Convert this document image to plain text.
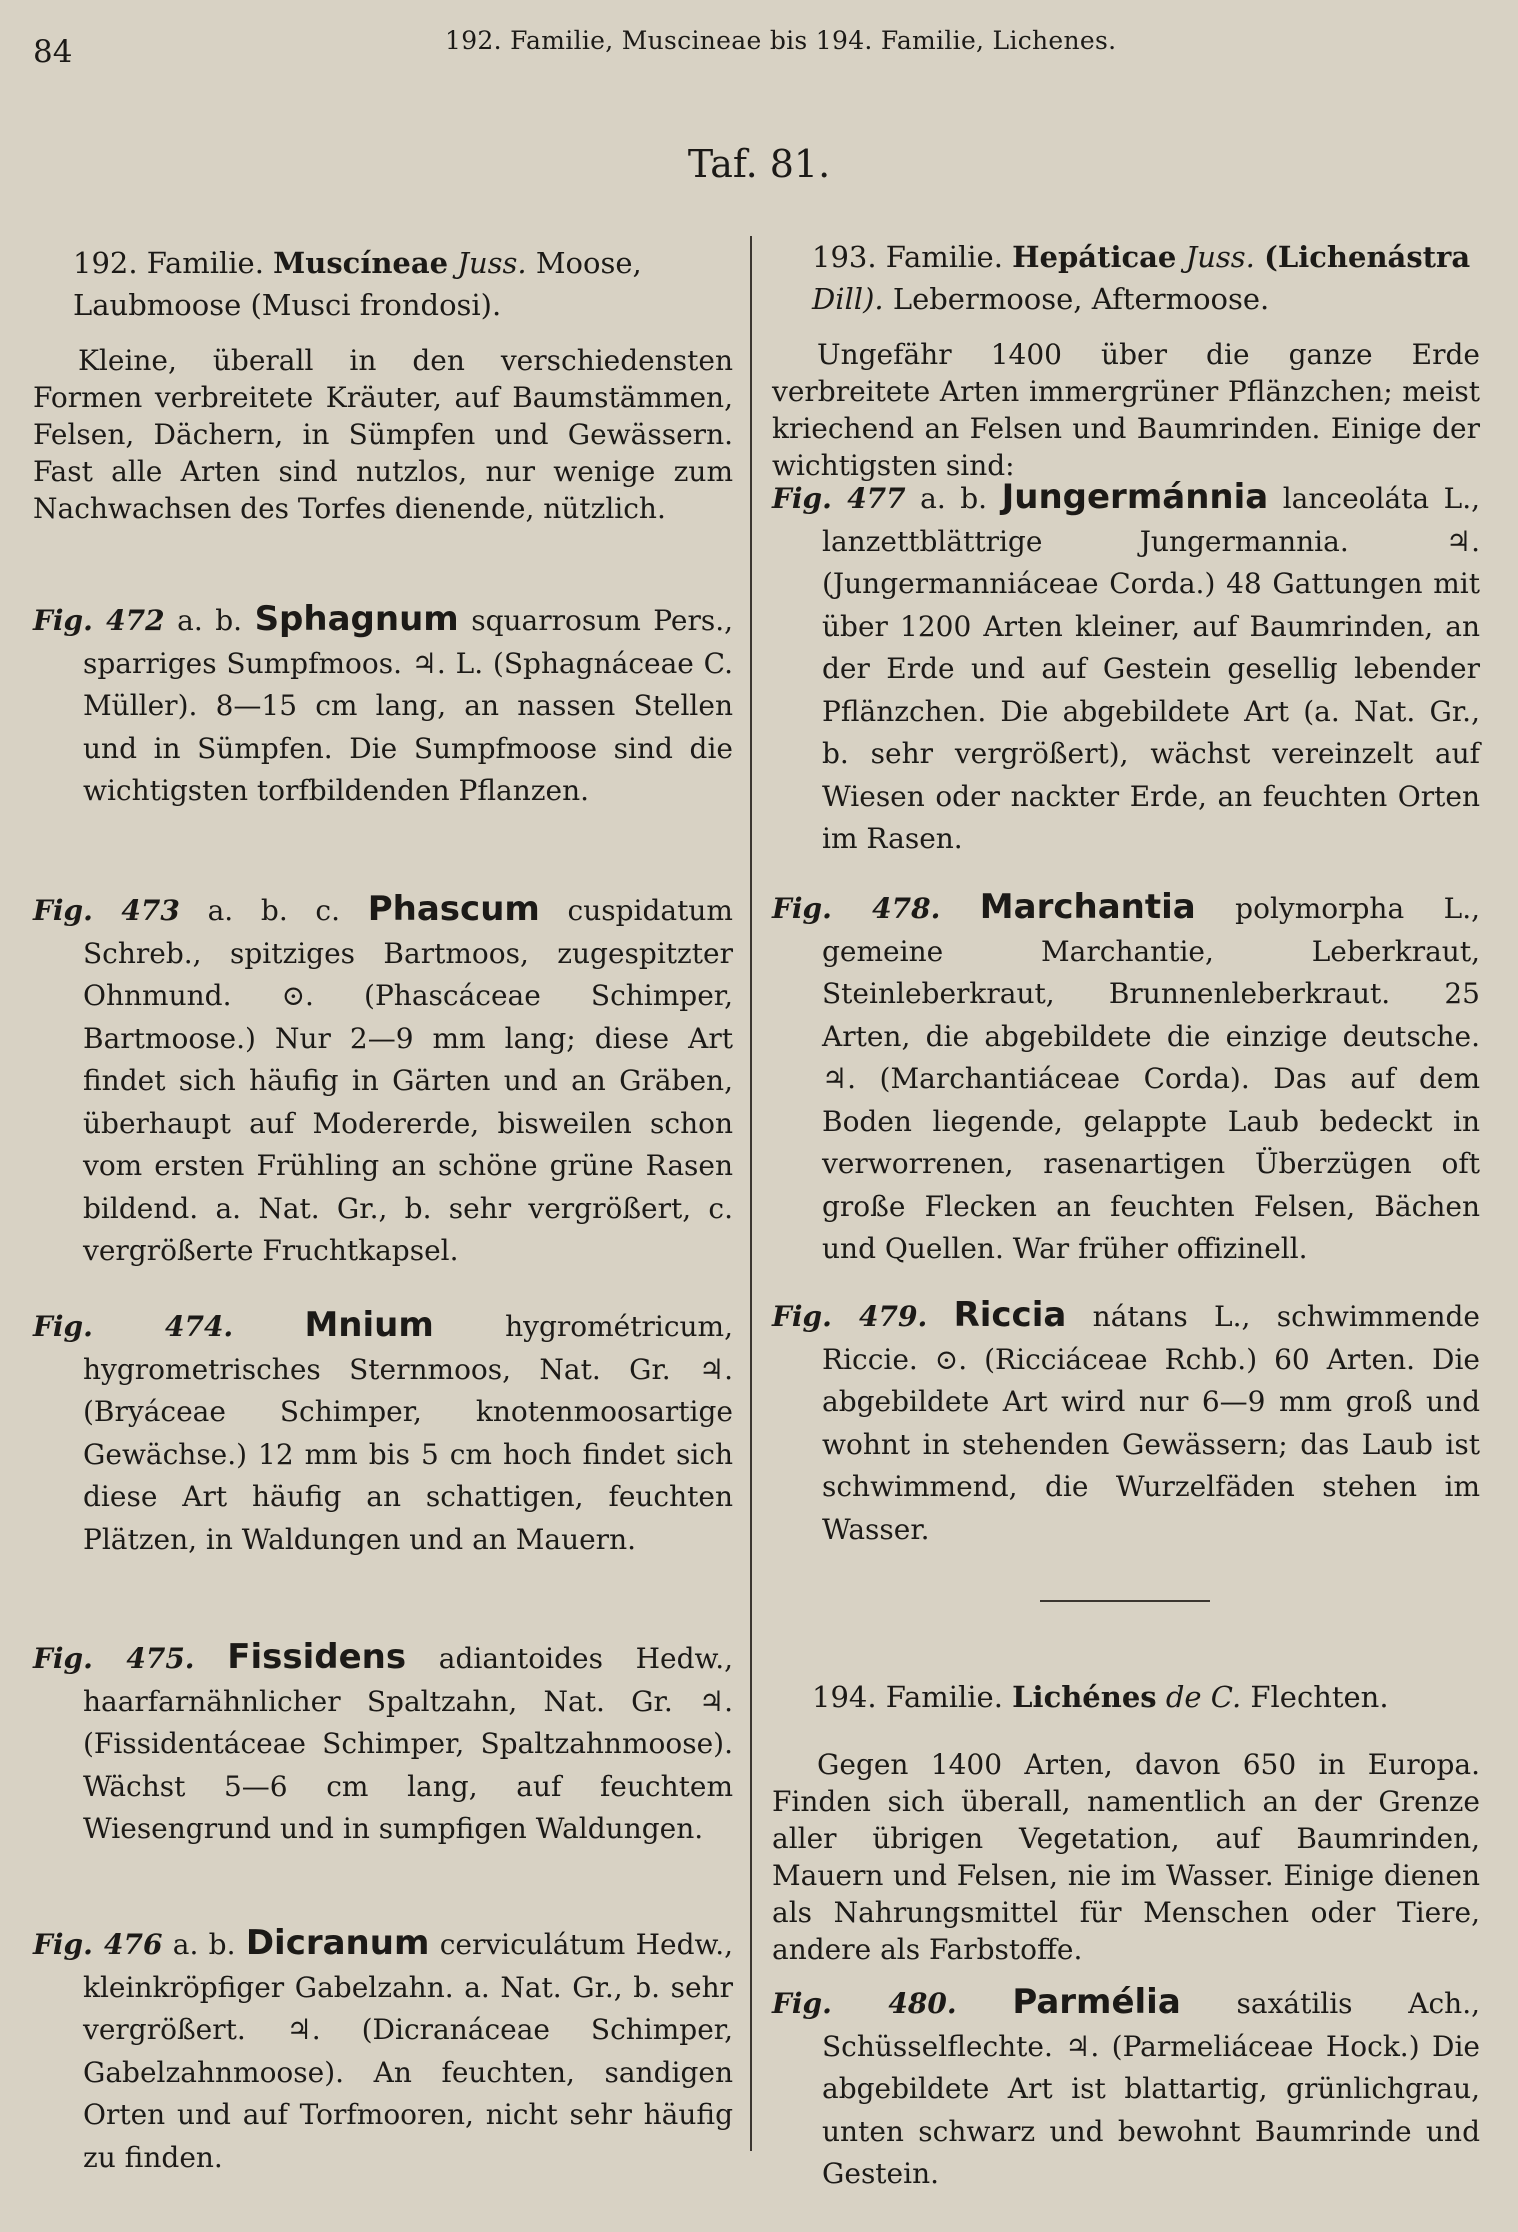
84	192. Familie, Muscineae bis 194. Familie, Lichenes.
Taf. 81.

192. Familie. Muscíneae Juss. Moose, Laubmoose (Musci frondosi).

Kleine, überall in den verschiedensten Formen verbreitete Kräuter, auf Baumstämmen, Felsen, Dächern, in Sümpfen und Gewässern. Fast alle Arten sind nutzlos, nur wenige zum Nachwachsen des Torfes dienende, nützlich.

Fig. 472 a. b. Sphagnum squarrosum Pers., sparriges Sumpfmoos. ♃. L. (Sphagnáceae C. Müller). 8—15 cm lang, an nassen Stellen und in Sümpfen. Die Sumpfmoose sind die wichtigsten torfbildenden Pflanzen.
Fig. 473 a. b. c. Phascum cuspidatum Schreb., spitziges Bartmoos, zugespitzter Ohnmund. ⊙. (Phascáceae Schimper, Bartmoose.) Nur 2—9 mm lang; diese Art findet sich häufig in Gärten und an Gräben, überhaupt auf Modererde, bisweilen schon vom ersten Frühling an schöne grüne Rasen bildend. a. Nat. Gr., b. sehr vergrößert, c. vergrößerte Fruchtkapsel.
Fig. 474. Mnium	hygrométricum, hygrometrisches Sternmoos, Nat. Gr. ♃. (Bryáceae Schimper, knotenmoosartige Gewächse.) 12 mm bis 5 cm hoch findet sich diese Art häufig an schattigen, feuchten Plätzen, in Waldungen und an Mauern.
Fig. 475. Fissidens adiantoides Hedw., haarfarnähnlicher Spaltzahn, Nat. Gr. ♃. (Fissidentáceae Schimper, Spaltzahnmoose). Wächst 5—6 cm lang, auf feuchtem Wiesengrund und in sumpfigen Waldungen.
Fig. 476 a. b. Dicranum cerviculátum Hedw., kleinkröpfiger Gabelzahn. a. Nat. Gr., b. sehr vergrößert. ♃. (Dicranáceae Schimper, Gabelzahnmoose). An feuchten, sandigen Orten und auf Torfmooren, nicht sehr häufig zu finden.

193. Familie. Hepáticae Juss. (Lichenástra Dill). Lebermoose, Aftermoose.

Ungefähr 1400 über die ganze Erde verbreitete Arten immergrüner Pflänzchen; meist kriechend an Felsen und Baumrinden. Einige der wichtigsten sind:

Fig. 477 a. b. Jungermánnia lanceoláta L., lanzettblättrige Jungermannia. ♃. (Jungermanniáceae Corda.) 48 Gattungen mit über 1200 Arten kleiner, auf Baumrinden, an der Erde und auf Gestein gesellig lebender Pflänzchen. Die abgebildete Art (a. Nat. Gr., b. sehr vergrößert), wächst vereinzelt auf Wiesen oder nackter Erde, an feuchten Orten im Rasen.
Fig. 478. Marchantia polymorpha L., gemeine Marchantie, Leberkraut, Steinleberkraut, Brunnenleberkraut. 25 Arten, die abgebildete die einzige deutsche. ♃. (Marchantiáceae Corda). Das auf dem Boden liegende, gelappte Laub bedeckt in verworrenen, rasenartigen Überzügen oft große Flecken an feuchten Felsen, Bächen und Quellen. War früher offizinell.
Fig. 479. Riccia nátans L., schwimmende Riccie. ⊙. (Ricciáceae Rchb.) 60 Arten. Die abgebildete Art wird nur 6—9 mm groß und wohnt in stehenden Gewässern; das Laub ist schwimmend, die Wurzelfäden stehen im Wasser.

194. Familie. Lichénes de C. Flechten.

Gegen 1400 Arten, davon 650 in Europa. Finden sich überall, namentlich an der Grenze aller übrigen Vegetation, auf Baumrinden, Mauern und Felsen, nie im Wasser. Einige dienen als Nahrungsmittel für Menschen oder Tiere, andere als Farbstoffe.

Fig. 480. Parmélia saxátilis Ach., Schüsselflechte. ♃. (Parmeliáceae Hock.) Die abgebildete Art ist blattartig, grünlichgrau, unten schwarz und bewohnt Baumrinde und Gestein.
